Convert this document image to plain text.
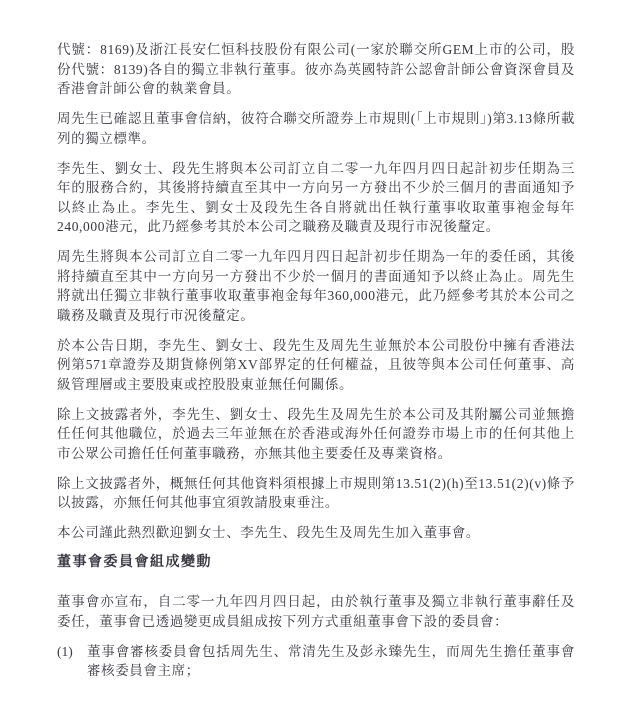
代號：8169)及浙江長安仁恒科技股份有限公司(一家於聯交所GEM上市的公司，股份代號：8139)各自的獨立非執行董事。彼亦為英國特許公認會計師公會資深會員及香港會計師公會的執業會員。

周先生已確認且董事會信納，彼符合聯交所證券上市規則(「上市規則」)第3.13條所載列的獨立標準。

李先生、劉女士、段先生將與本公司訂立自二零一九年四月四日起計初步任期為三年的服務合約，其後將持續直至其中一方向另一方發出不少於三個月的書面通知予以終止為止。李先生、劉女士及段先生各自將就出任執行董事收取董事袍金每年240,000港元，此乃經參考其於本公司之職務及職責及現行市況後釐定。

周先生將與本公司訂立自二零一九年四月四日起計初步任期為一年的委任函，其後將持續直至其中一方向另一方發出不少於一個月的書面通知予以終止為止。周先生將就出任獨立非執行董事收取董事袍金每年360,000港元，此乃經參考其於本公司之職務及職責及現行市況後釐定。

於本公告日期，李先生、劉女士、段先生及周先生並無於本公司股份中擁有香港法例第571章證券及期貨條例第XV部界定的任何權益，且彼等與本公司任何董事、高級管理層或主要股東或控股股東並無任何關係。

除上文披露者外，李先生、劉女士、段先生及周先生於本公司及其附屬公司並無擔任任何其他職位，於過去三年並無在於香港或海外任何證券市場上市的任何其他上市公眾公司擔任任何董事職務，亦無其他主要委任及專業資格。

除上文披露者外，概無任何其他資料須根據上市規則第13.51(2)(h)至13.51(2)(v)條予以披露，亦無任何其他事宜須敦請股東垂注。

本公司謹此熱烈歡迎劉女士、李先生、段先生及周先生加入董事會。

董事會委員會組成變動

董事會亦宣布，自二零一九年四月四日起，由於執行董事及獨立非執行董事辭任及委任，董事會已透過變更成員組成按下列方式重組董事會下設的委員會：

(1)	董事會審核委員會包括周先生、常清先生及彭永臻先生，而周先生擔任董事會審核委員會主席；
